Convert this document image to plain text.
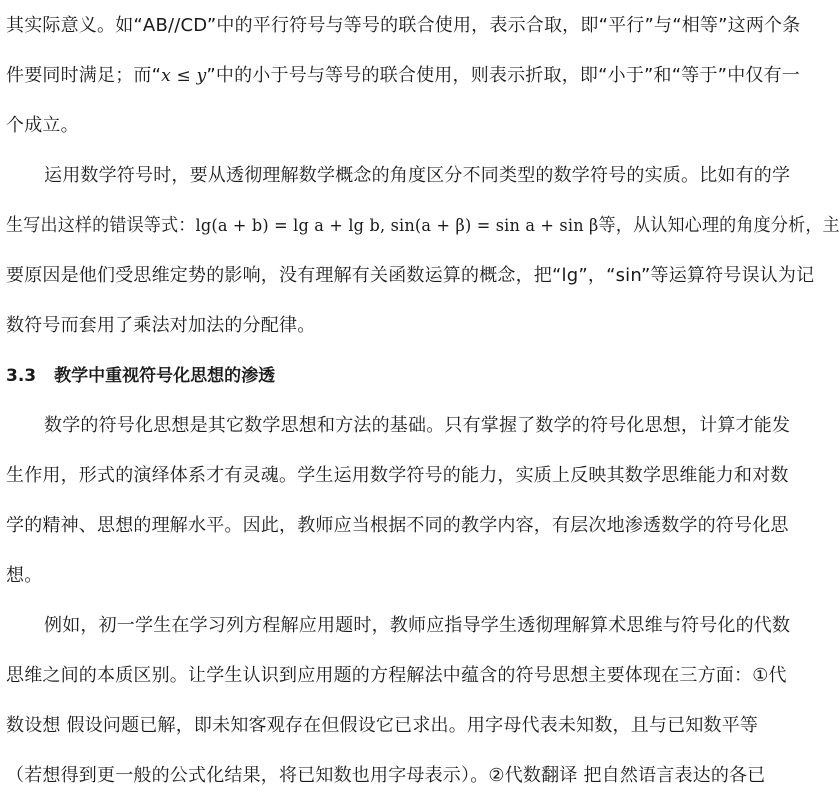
其实际意义。如“AB//CD”中的平行符号与等号的联合使用，表示合取，即“平行”与“相等”这两个条
件要同时满足；而“x ≤ y”中的小于号与等号的联合使用，则表示折取，即“小于”和“等于”中仅有一
个成立。
运用数学符号时，要从透彻理解数学概念的角度区分不同类型的数学符号的实质。比如有的学
生写出这样的错误等式：lg(a + b) = lg a + lg b, sin(a + β) = sin a + sin β等，从认知心理的角度分析，主
要原因是他们受思维定势的影响，没有理解有关函数运算的概念，把“lg”，“sin”等运算符号误认为记
数符号而套用了乘法对加法的分配律。
3.3 教学中重视符号化思想的渗透
数学的符号化思想是其它数学思想和方法的基础。只有掌握了数学的符号化思想，计算才能发
生作用，形式的演绎体系才有灵魂。学生运用数学符号的能力，实质上反映其数学思维能力和对数
学的精神、思想的理解水平。因此，教师应当根据不同的教学内容，有层次地渗透数学的符号化思
想。
例如，初一学生在学习列方程解应用题时，教师应指导学生透彻理解算术思维与符号化的代数
思维之间的本质区别。让学生认识到应用题的方程解法中蕴含的符号思想主要体现在三方面：①代
数设想 假设问题已解，即未知客观存在但假设它已求出。用字母代表未知数，且与已知数平等
（若想得到更一般的公式化结果，将已知数也用字母表示）。②代数翻译 把自然语言表达的各已
